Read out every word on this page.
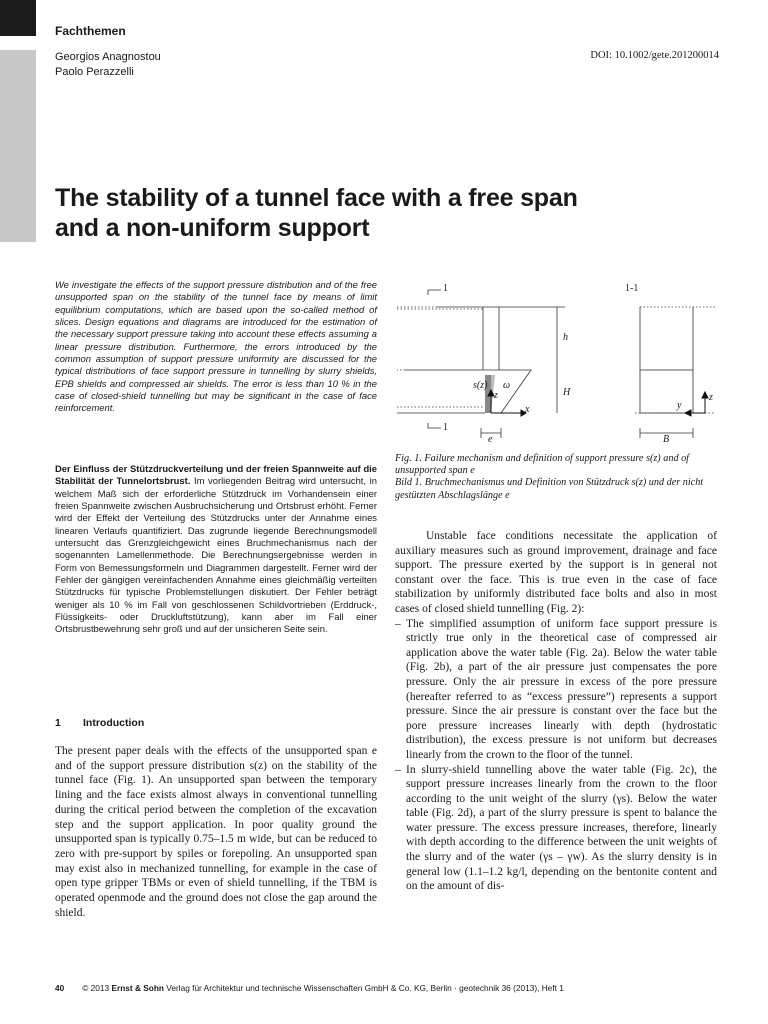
Fachthemen
Georgios Anagnostou
Paolo Perazzelli
DOI: 10.1002/gete.201200014
The stability of a tunnel face with a free span
and a non-uniform support
We investigate the effects of the support pressure distribution and of the free unsupported span on the stability of the tunnel face by means of limit equilibrium computations, which are based upon the so-called method of slices. Design equations and diagrams are introduced for the estimation of the necessary support pressure taking into account these effects assuming a linear pressure distribution. Furthermore, the errors introduced by the common assumption of support pressure uniformity are discussed for the typical distributions of face support pressure in tunnelling by slurry shields, EPB shields and compressed air shields. The error is less than 10 % in the case of closed-shield tunnelling but may be significant in the case of face reinforcement.
Der Einfluss der Stützdruckverteilung und der freien Spannweite auf die Stabilität der Tunnelortsbrust. Im vorliegenden Beitrag wird untersucht, in welchem Maß sich der erforderliche Stützdruck im Vorhandensein einer freien Spannweite zwischen Ausbruchsicherung und Ortsbrust erhöht. Ferner wird der Effekt der Verteilung des Stützdrucks unter der Annahme eines linearen Verlaufs quantifiziert. Das zugrunde liegende Berechnungsmodell untersucht das Grenzgleichgewicht eines Bruchmechanismus nach der sogenannten Lamellenmethode. Die Berechnungsergebnisse werden in Form von Bemessungsformeln und Diagrammen dargestellt. Ferner wird der Fehler der gängigen vereinfachenden Annahme eines gleichmäßig verteilten Stützdrucks für typische Problemstellungen diskutiert. Der Fehler beträgt weniger als 10 % im Fall von geschlossenen Schildvortrieben (Erddruck-, Flüssigkeits- oder Druckluftstützung), kann aber im Fall einer Ortsbrustbewehrung sehr groß und auf der unsicheren Seite sein.
1 Introduction
The present paper deals with the effects of the unsupported span e and of the support pressure distribution s(z) on the stability of the tunnel face (Fig. 1). An unsupported span between the temporary lining and the face exists almost always in conventional tunnelling during the critical period between the completion of the excavation step and the support application. In poor quality ground the unsupported span is typically 0.75–1.5 m wide, but can be reduced to zero with pre-support by spiles or forepoling. An unsupported span may exist also in mechanized tunnelling, for example in the case of open type gripper TBMs or even of shield tunnelling, if the TBM is operated openmode and the ground does not close the gap around the shield.
1
1
1-1
h
H
s(z)
z
ω
x
e
y
z
B
Fig. 1. Failure mechanism and definition of support pressure s(z) and of unsupported span e
Bild 1. Bruchmechanismus und Definition von Stützdruck s(z) und der nicht gestützten Abschlagslänge e

Unstable face conditions necessitate the application of auxiliary measures such as ground improvement, drainage and face support. The pressure exerted by the support is in general not constant over the face. This is true even in the case of face stabilization by uniformly distributed face bolts and also in most cases of closed shield tunnelling (Fig. 2):

– The simplified assumption of uniform face support pressure is strictly true only in the theoretical case of compressed air application above the water table (Fig. 2a). Below the water table (Fig. 2b), a part of the air pressure just compensates the pore pressure. Only the air pressure in excess of the pore pressure (hereafter referred to as “excess pressure”) represents a support pressure. Since the air pressure is constant over the face but the pore pressure increases linearly with depth (hydrostatic distribution), the excess pressure is not uniform but decreases linearly from the crown to the floor of the tunnel.

– In slurry-shield tunnelling above the water table (Fig. 2c), the support pressure increases linearly from the crown to the floor according to the unit weight of the slurry (γs). Below the water table (Fig. 2d), a part of the slurry pressure is spent to balance the water pressure. The excess pressure increases, therefore, linearly with depth according to the difference between the unit weights of the slurry and of the water (γs – γw). As the slurry density is in general low (1.1–1.2 kg/l, depending on the bentonite content and on the amount of dis-

40 © 2013 Ernst & Sohn Verlag für Architektur und technische Wissenschaften GmbH & Co. KG, Berlin · geotechnik 36 (2013), Heft 1
